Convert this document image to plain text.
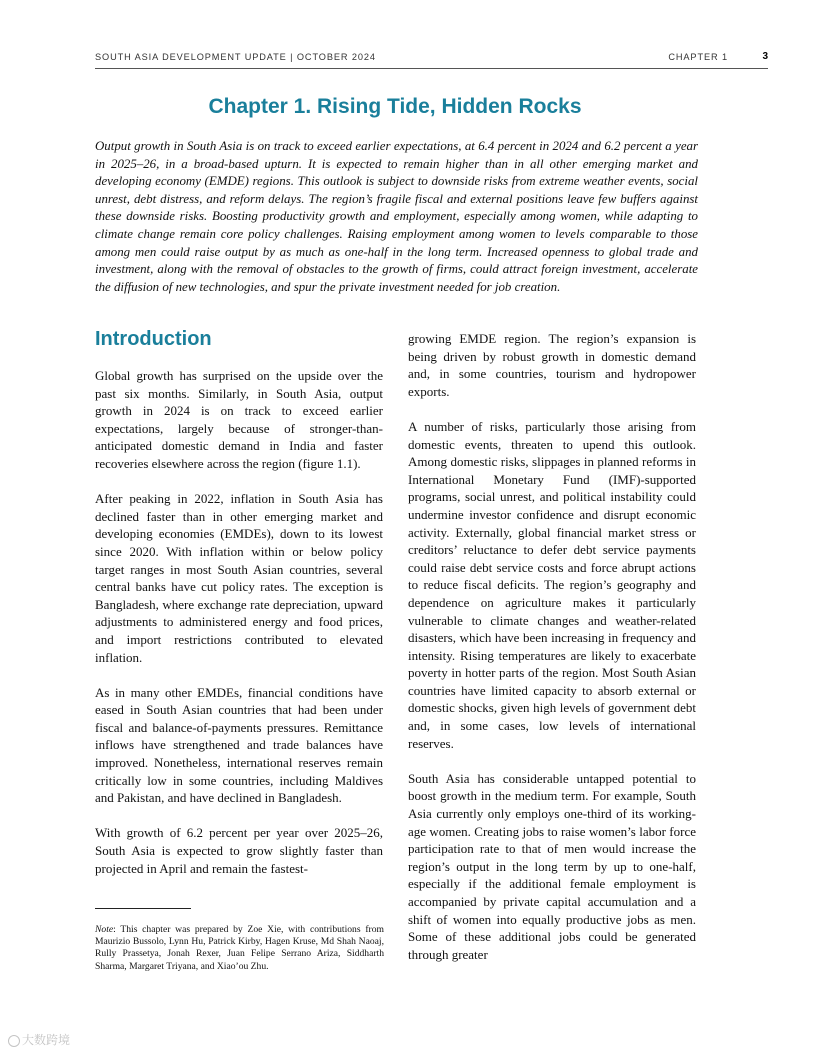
SOUTH ASIA DEVELOPMENT UPDATE | OCTOBER 2024	CHAPTER 1	3
Chapter 1. Rising Tide, Hidden Rocks

Output growth in South Asia is on track to exceed earlier expectations, at 6.4 percent in 2024 and 6.2 percent a year in 2025–26, in a broad-based upturn. It is expected to remain higher than in all other emerging market and developing economy (EMDE) regions. This outlook is subject to downside risks from extreme weather events, social unrest, debt distress, and reform delays. The region’s fragile fiscal and external positions leave few buffers against these downside risks. Boosting productivity growth and employment, especially among women, while adapting to climate change remain core policy challenges. Raising employment among women to levels comparable to those among men could raise output by as much as one-half in the long term. Increased openness to global trade and investment, along with the removal of obstacles to the growth of firms, could attract foreign investment, accelerate the diffusion of new technologies, and spur the private investment needed for job creation.

Introduction

Global growth has surprised on the upside over the past six months. Similarly, in South Asia, output growth in 2024 is on track to exceed earlier expectations, largely because of stronger-than-anticipated domestic demand in India and faster recoveries elsewhere across the region (figure 1.1).

After peaking in 2022, inflation in South Asia has declined faster than in other emerging market and developing economies (EMDEs), down to its lowest since 2020. With inflation within or below policy target ranges in most South Asian countries, several central banks have cut policy rates. The exception is Bangladesh, where exchange rate depreciation, upward adjustments to administered energy and food prices, and import restrictions contributed to elevated inflation.

As in many other EMDEs, financial conditions have eased in South Asian countries that had been under fiscal and balance-of-payments pressures. Remittance inflows have strengthened and trade balances have improved. Nonetheless, international reserves remain critically low in some countries, including Maldives and Pakistan, and have declined in Bangladesh.

With growth of 6.2 percent per year over 2025–26, South Asia is expected to grow slightly faster than projected in April and remain the fastest-

growing EMDE region. The region’s expansion is being driven by robust growth in domestic demand and, in some countries, tourism and hydropower exports.

A number of risks, particularly those arising from domestic events, threaten to upend this outlook. Among domestic risks, slippages in planned reforms in International Monetary Fund (IMF)-supported programs, social unrest, and political instability could undermine investor confidence and disrupt economic activity. Externally, global financial market stress or creditors’ reluctance to defer debt service payments could raise debt service costs and force abrupt actions to reduce fiscal deficits. The region’s geography and dependence on agriculture makes it particularly vulnerable to climate changes and weather-related disasters, which have been increasing in frequency and intensity. Rising temperatures are likely to exacerbate poverty in hotter parts of the region. Most South Asian countries have limited capacity to absorb external or domestic shocks, given high levels of government debt and, in some cases, low levels of international reserves.

South Asia has considerable untapped potential to boost growth in the medium term. For example, South Asia currently only employs one-third of its working-age women. Creating jobs to raise women’s labor force participation rate to that of men would increase the region’s output in the long term by up to one-half, especially if the additional female employment is accompanied by private capital accumulation and a shift of women into equally productive jobs as men. Some of these additional jobs could be generated through greater

Note: This chapter was prepared by Zoe Xie, with contributions from Maurizio Bussolo, Lynn Hu, Patrick Kirby, Hagen Kruse, Md Shah Naoaj, Rully Prassetya, Jonah Rexer, Juan Felipe Serrano Ariza, Siddharth Sharma, Margaret Triyana, and Xiao’ou Zhu.

大数跨境
